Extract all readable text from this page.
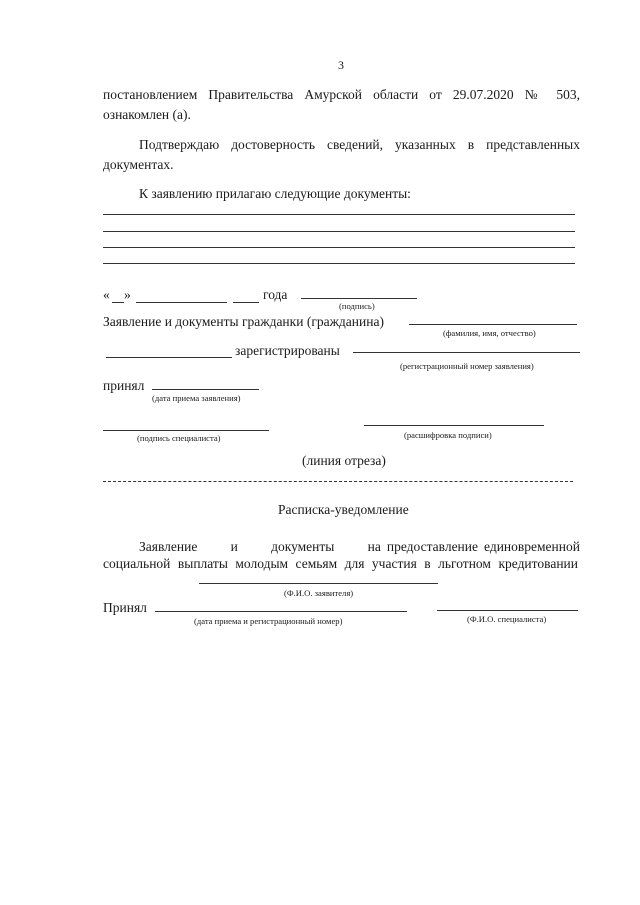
3
постановлением Правительства Амурской области от 29.07.2020 № 503,
ознакомлен (а).
Подтверждаю достоверность сведений, указанных в представленных
документах.
К заявлению прилагаю следующие документы:
« »	года
(подпись)
Заявление и документы гражданки (гражданина)
(фамилия, имя, отчество)
зарегистрированы
(регистрационный номер заявления)
принял
(дата приема заявления)
(подпись специалиста)	(расшифровка подписи)
(линия отреза)
Расписка-уведомление
Заявление и документы на предоставление единовременной
социальной выплаты молодым семьям для участия в льготном кредитовании
(Ф.И.О. заявителя)
Принял
(дата приема и регистрационный номер)	(Ф.И.О. специалиста)
